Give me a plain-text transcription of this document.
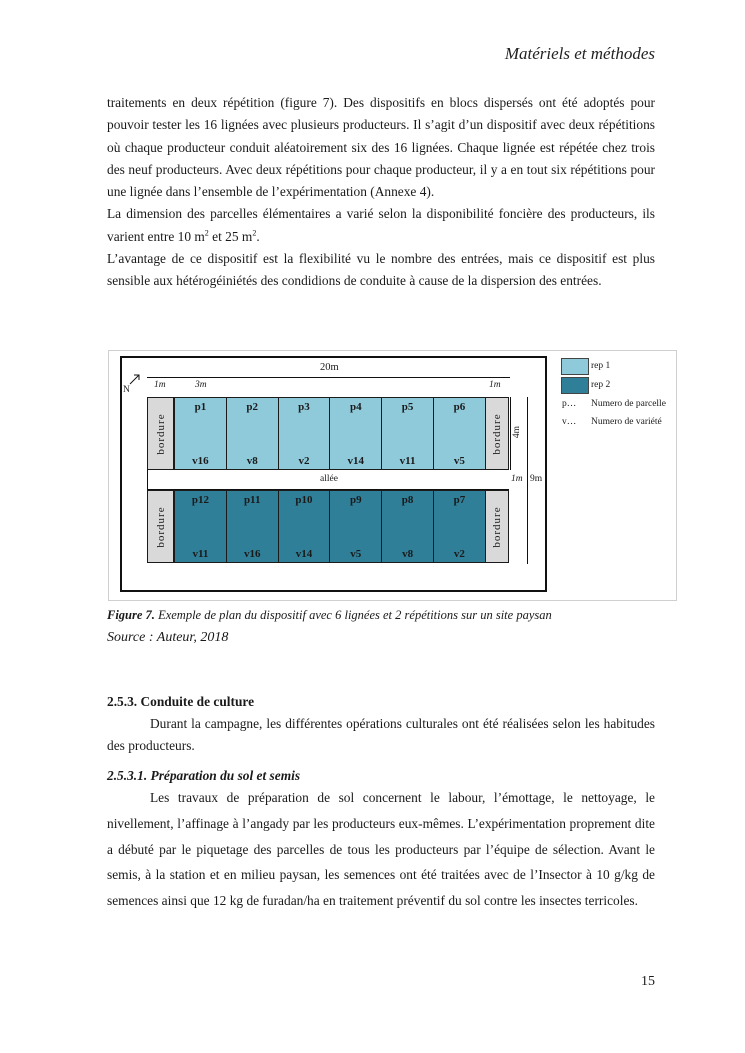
Matériels et méthodes

traitements en deux répétition (figure 7). Des dispositifs en blocs dispersés ont été adoptés pour pouvoir tester les 16 lignées avec plusieurs producteurs. Il s’agit d’un dispositif avec deux répétitions où chaque producteur conduit aléatoirement six des 16 lignées. Chaque lignée est répétée chez trois des neuf producteurs. Avec deux répétitions pour chaque producteur, il y a en tout six répétitions pour une lignée dans l’ensemble de l’expérimentation (Annexe 4).

La dimension des parcelles élémentaires a varié selon la disponibilité foncière des producteurs, ils varient entre 10 $m^2$ et 25 $m^2$.

L’avantage de ce dispositif est la flexibilité vu le nombre des entrées, mais ce dispositif est plus sensible aux hétérogéiniétés des condidions de conduite à cause de la dispersion des entrées.

20m
1m	3m	1m
N
bordure
p1
v16
p2
v8
p3
v2
p4
v14
p5
v11
p6
v5
bordure
allée
bordure
p12
v11
p11
v16
p10
v14
p9
v5
p8
v8
p7
v2
bordure
4m
1m 9m
rep 1
rep 2
p… Numero de parcelle
v… Numero de variété
Figure 7. Exemple de plan du dispositif avec 6 lignées et 2 répétitions sur un site paysan
Source : Auteur, 2018
2.5.3. Conduite de culture
Durant la campagne, les différentes opérations culturales ont été réalisées selon les habitudes des producteurs.
2.5.3.1. Préparation du sol et semis
Les travaux de préparation de sol concernent le labour, l’émottage, le nettoyage, le nivellement, l’affinage à l’angady par les producteurs eux-mêmes. L’expérimentation proprement dite a débuté par le piquetage des parcelles de tous les producteurs par l’équipe de sélection. Avant le semis, à la station et en milieu paysan, les semences ont été traitées avec de l’Insector à 10 g/kg de semences ainsi que 12 kg de furadan/ha en traitement préventif du sol contre les insectes terricoles.
15
